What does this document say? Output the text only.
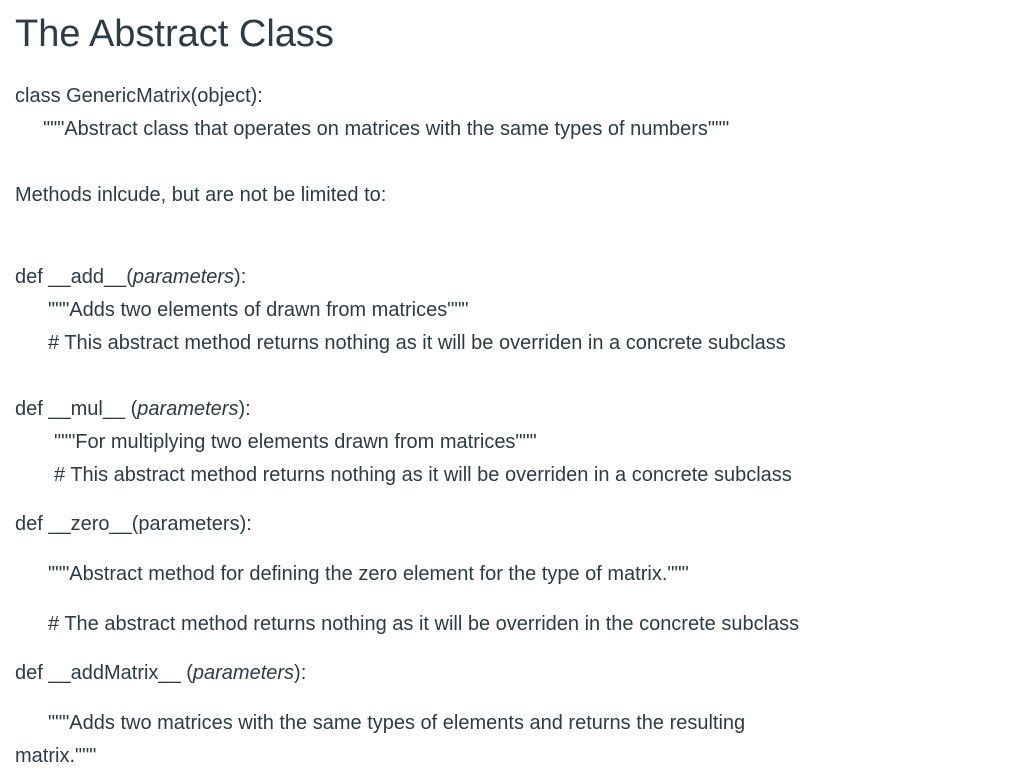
The Abstract Class
class GenericMatrix(object):
"""Abstract class that operates on matrices with the same types of numbers"""
Methods inlcude, but are not be limited to:
def __add__(parameters):
"""Adds two elements of drawn from matrices"""
# This abstract method returns nothing as it will be overriden in a concrete subclass
def __mul__ (parameters):
"""For multiplying two elements drawn from matrices"""
# This abstract method returns nothing as it will be overriden in a concrete subclass
def __zero__(parameters):
"""Abstract method for defining the zero element for the type of matrix."""
# The abstract method returns nothing as it will be overriden in the concrete subclass
def __addMatrix__ (parameters):
"""Adds two matrices with the same types of elements and returns the resulting
matrix."""
